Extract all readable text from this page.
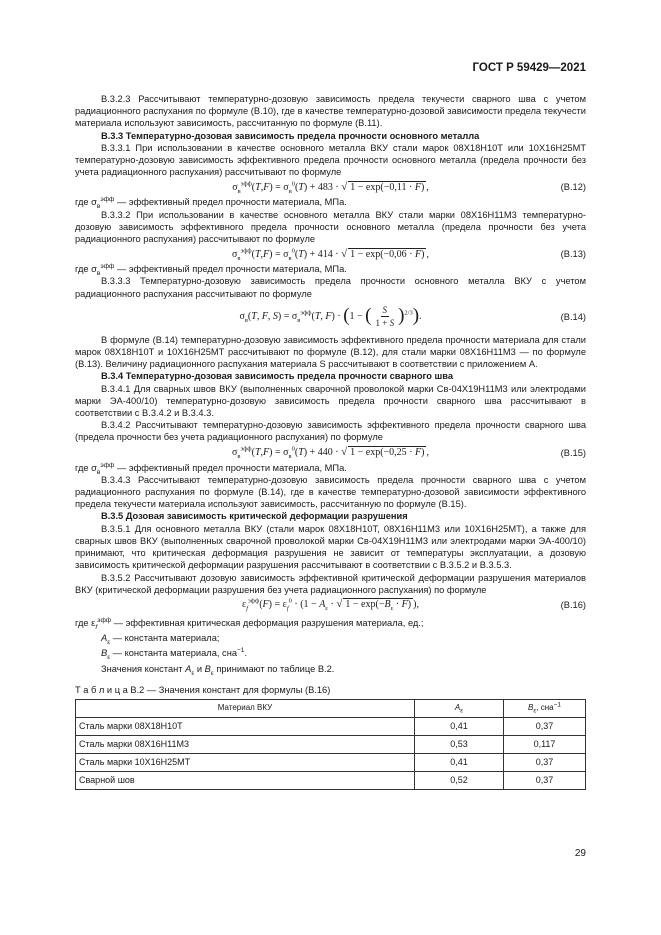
ГОСТ Р 59429—2021

В.3.2.3 Рассчитывают температурно-дозовую зависимость предела текучести сварного шва с учетом радиационного распухания по формуле (В.10), где в качестве температурно-дозовой зависимости предела текучести материала используют зависимость, рассчитанную по формуле (В.11).

В.3.3 Температурно-дозовая зависимость предела прочности основного металла

В.3.3.1 При использовании в качестве основного металла ВКУ стали марок 08Х18Н10Т или 10Х16Н25МТ температурно-дозовую зависимость эффективного предела прочности основного металла (предела прочности без учета радиационного распухания) рассчитывают по формуле

$\sigma_в^{эфф}(T,F) = \sigma_в^0(T) + 483$ · √ 1 − exp(−0,11 · F) ,	(В.12)

где $\sigma_в^{эфф}$ — эффективный предел прочности материала, МПа.

В.3.3.2 При использовании в качестве основного металла ВКУ стали марки 08Х16Н11М3 температурно-дозовую зависимость эффективного предела прочности основного металла (предела прочности без учета радиационного распухания) рассчитывают по формуле

$\sigma_в^{эфф}(T,F) = \sigma_в^0(T) + 414$ · √ 1 − exp(−0,06 · F) ,	(В.13)

где $\sigma_в^{эфф}$ — эффективный предел прочности материала, МПа.

В.3.3.3 Температурно-дозовую зависимость предела прочности основного металла ВКУ с учетом радиационного распухания рассчитывают по формуле

$\sigma_в(T$, F, $S) = \sigma_в^{эфф}(T$, F) · (1 − ( $\frac{S}{1 + S} )^{2/3}$).	(В.14)

В формуле (В.14) температурно-дозовую зависимость эффективного предела прочности материала для стали марок 08Х18Н10Т и 10Х16Н25МТ рассчитывают по формуле (В.12), для стали марки 08Х16Н11М3 — по формуле (В.13). Величину радиационного распухания материала S рассчитывают в соответствии с приложением А.

В.3.4 Температурно-дозовая зависимость предела прочности сварного шва

В.3.4.1 Для сварных швов ВКУ (выполненных сварочной проволокой марки Св-04Х19Н11М3 или электродами марки ЭА-400/10) температурно-дозовую зависимость предела прочности сварного шва рассчитывают в соответствии с В.3.4.2 и В.3.4.3.

В.3.4.2 Рассчитывают температурно-дозовую зависимость эффективного предела прочности сварного шва (предела прочности без учета радиационного распухания) по формуле

$\sigma_в^{эфф}(T,F) = \sigma_в^0(T) + 440$ · √ 1 − exp(−0,25 · F) ,	(В.15)

где $\sigma_в^{эфф}$ — эффективный предел прочности материала, МПа.

В.3.4.3 Рассчитывают температурно-дозовую зависимость предела прочности сварного шва с учетом радиационного распухания по формуле (В.14), где в качестве температурно-дозовой зависимости эффективного предела текучести материала используют зависимость, рассчитанную по формуле (В.15).

В.3.5 Дозовая зависимость критической деформации разрушения

В.3.5.1 Для основного металла ВКУ (стали марок 08Х18Н10Т, 08Х16Н11М3 или 10Х16Н25МТ), а также для сварных швов ВКУ (выполненных сварочной проволокой марки Св-04Х19Н11М3 или электродами марки ЭА-400/10) принимают, что критическая деформация разрушения не зависит от температуры эксплуатации, а дозовую зависимость критической деформации разрушения рассчитывают в соответствии с В.3.5.2 и В.3.5.3.

В.3.5.2 Рассчитывают дозовую зависимость эффективной критической деформации разрушения материалов ВКУ (критической деформации разрушения без учета радиационного распухания) по формуле

$\varepsilon_f^{эфф}(F) = \varepsilon_f^0 \cdot (1 - A_\varepsilon$ · √ $1 - \exp(-B_\varepsilon \cdot F)$ ),	(В.16)

где $\varepsilon_f^{эфф}$ — эффективная критическая деформация разрушения материала, ед.;

$A_\varepsilon$ — константа материала;

$B_\varepsilon$ — константа материала, сна$^{-1}$.

Значения констант $A_\varepsilon$ и $B_\varepsilon$ принимают по таблице В.2.

Т а б л и ц а В.2 — Значения констант для формулы (В.16)

Материал ВКУ	$A_\varepsilon$	$B_\varepsilon$, сна$^{-1}$
Сталь марки 08Х18Н10Т	0,41	0,37
Сталь марки 08Х16Н11М3	0,53	0,117
Сталь марки 10Х16Н25МТ	0,41	0,37
Сварной шов	0,52	0,37
29
